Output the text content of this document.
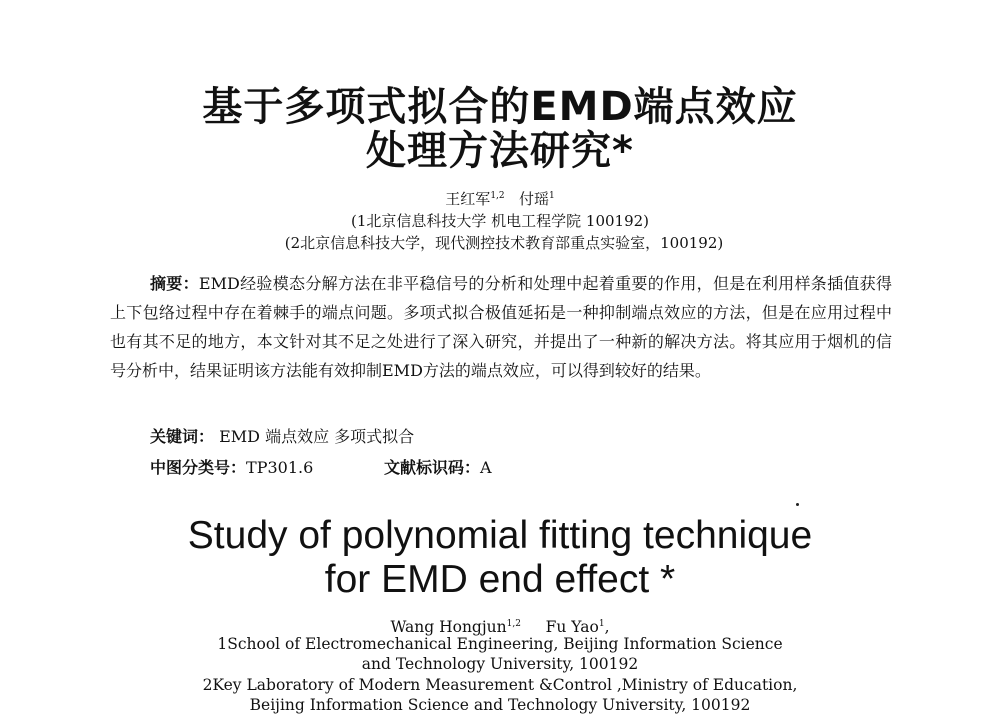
基于多项式拟合的EMD端点效应
处理方法研究*
王红军$^{1,2}$ 付瑶$^1$
(1北京信息科技大学 机电工程学院 100192)
(2北京信息科技大学，现代测控技术教育部重点实验室，100192)
摘要：EMD经验模态分解方法在非平稳信号的分析和处理中起着重要的作用，但是在利用样条插值获得上下包络过程中存在着棘手的端点问题。多项式拟合极值延拓是一种抑制端点效应的方法，但是在应用过程中也有其不足的地方，本文针对其不足之处进行了深入研究，并提出了一种新的解决方法。将其应用于烟机的信号分析中，结果证明该方法能有效抑制EMD方法的端点效应，可以得到较好的结果。
关键词： EMD 端点效应 多项式拟合
中图分类号：TP301.6	文献标识码：A
Study of polynomial fitting technique
for EMD end effect *
Wang Hongjun$^{1,2}$ Fu Yao$^1$,
1School of Electromechanical Engineering, Beijing Information Science
and Technology University, 100192
2Key Laboratory of Modern Measurement &Control ,Ministry of Education,
Beijing Information Science and Technology University, 100192
